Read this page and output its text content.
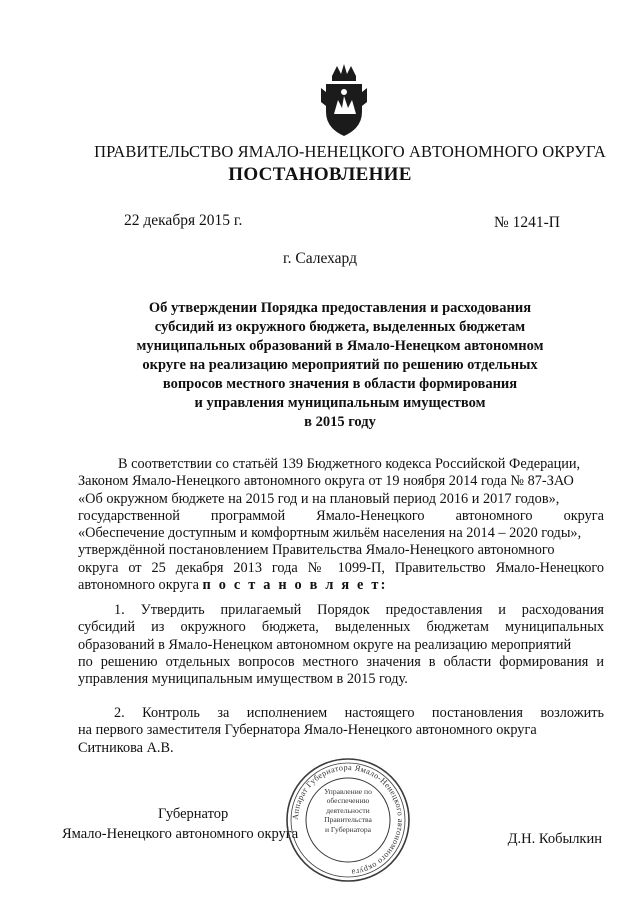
ПРАВИТЕЛЬСТВО ЯМАЛО-НЕНЕЦКОГО АВТОНОМНОГО ОКРУГА
ПОСТАНОВЛЕНИЕ
22 декабря 2015 г.	№ 1241-П
г. Салехард
Об утверждении Порядка предоставления и расходования
субсидий из окружного бюджета, выделенных бюджетам
муниципальных образований в Ямало-Ненецком автономном
округе на реализацию мероприятий по решению отдельных
вопросов местного значения в области формирования
и управления муниципальным имуществом
в 2015 году
В соответствии со статьёй 139 Бюджетного кодекса Российской Федерации,
Законом Ямало-Ненецкого автономного округа от 19 ноября 2014 года № 87-ЗАО
«Об окружном бюджете на 2015 год и на плановый период 2016 и 2017 годов»,
государственной программой Ямало-Ненецкого автономного округа
«Обеспечение доступным и комфортным жильём населения на 2014 – 2020 годы»,
утверждённой постановлением Правительства Ямало-Ненецкого автономного
округа от 25 декабря 2013 года № 1099-П, Правительство Ямало-Ненецкого
автономного округа п о с т а н о в л я е т:
1. Утвердить прилагаемый Порядок предоставления и расходования
субсидий из окружного бюджета, выделенных бюджетам муниципальных
образований в Ямало-Ненецком автономном округе на реализацию мероприятий
по решению отдельных вопросов местного значения в области формирования и
управления муниципальным имуществом в 2015 году.
2. Контроль за исполнением настоящего постановления возложить
на первого заместителя Губернатора Ямало-Ненецкого автономного округа
Ситникова А.В.
Губернатор
Ямало-Ненецкого автономного округа	Д.Н. Кобылкин
Аппарат Губернатора Ямало-Ненецкого автономного округа
Управление по
обеспечению
деятельности
Правительства
и Губернатора
